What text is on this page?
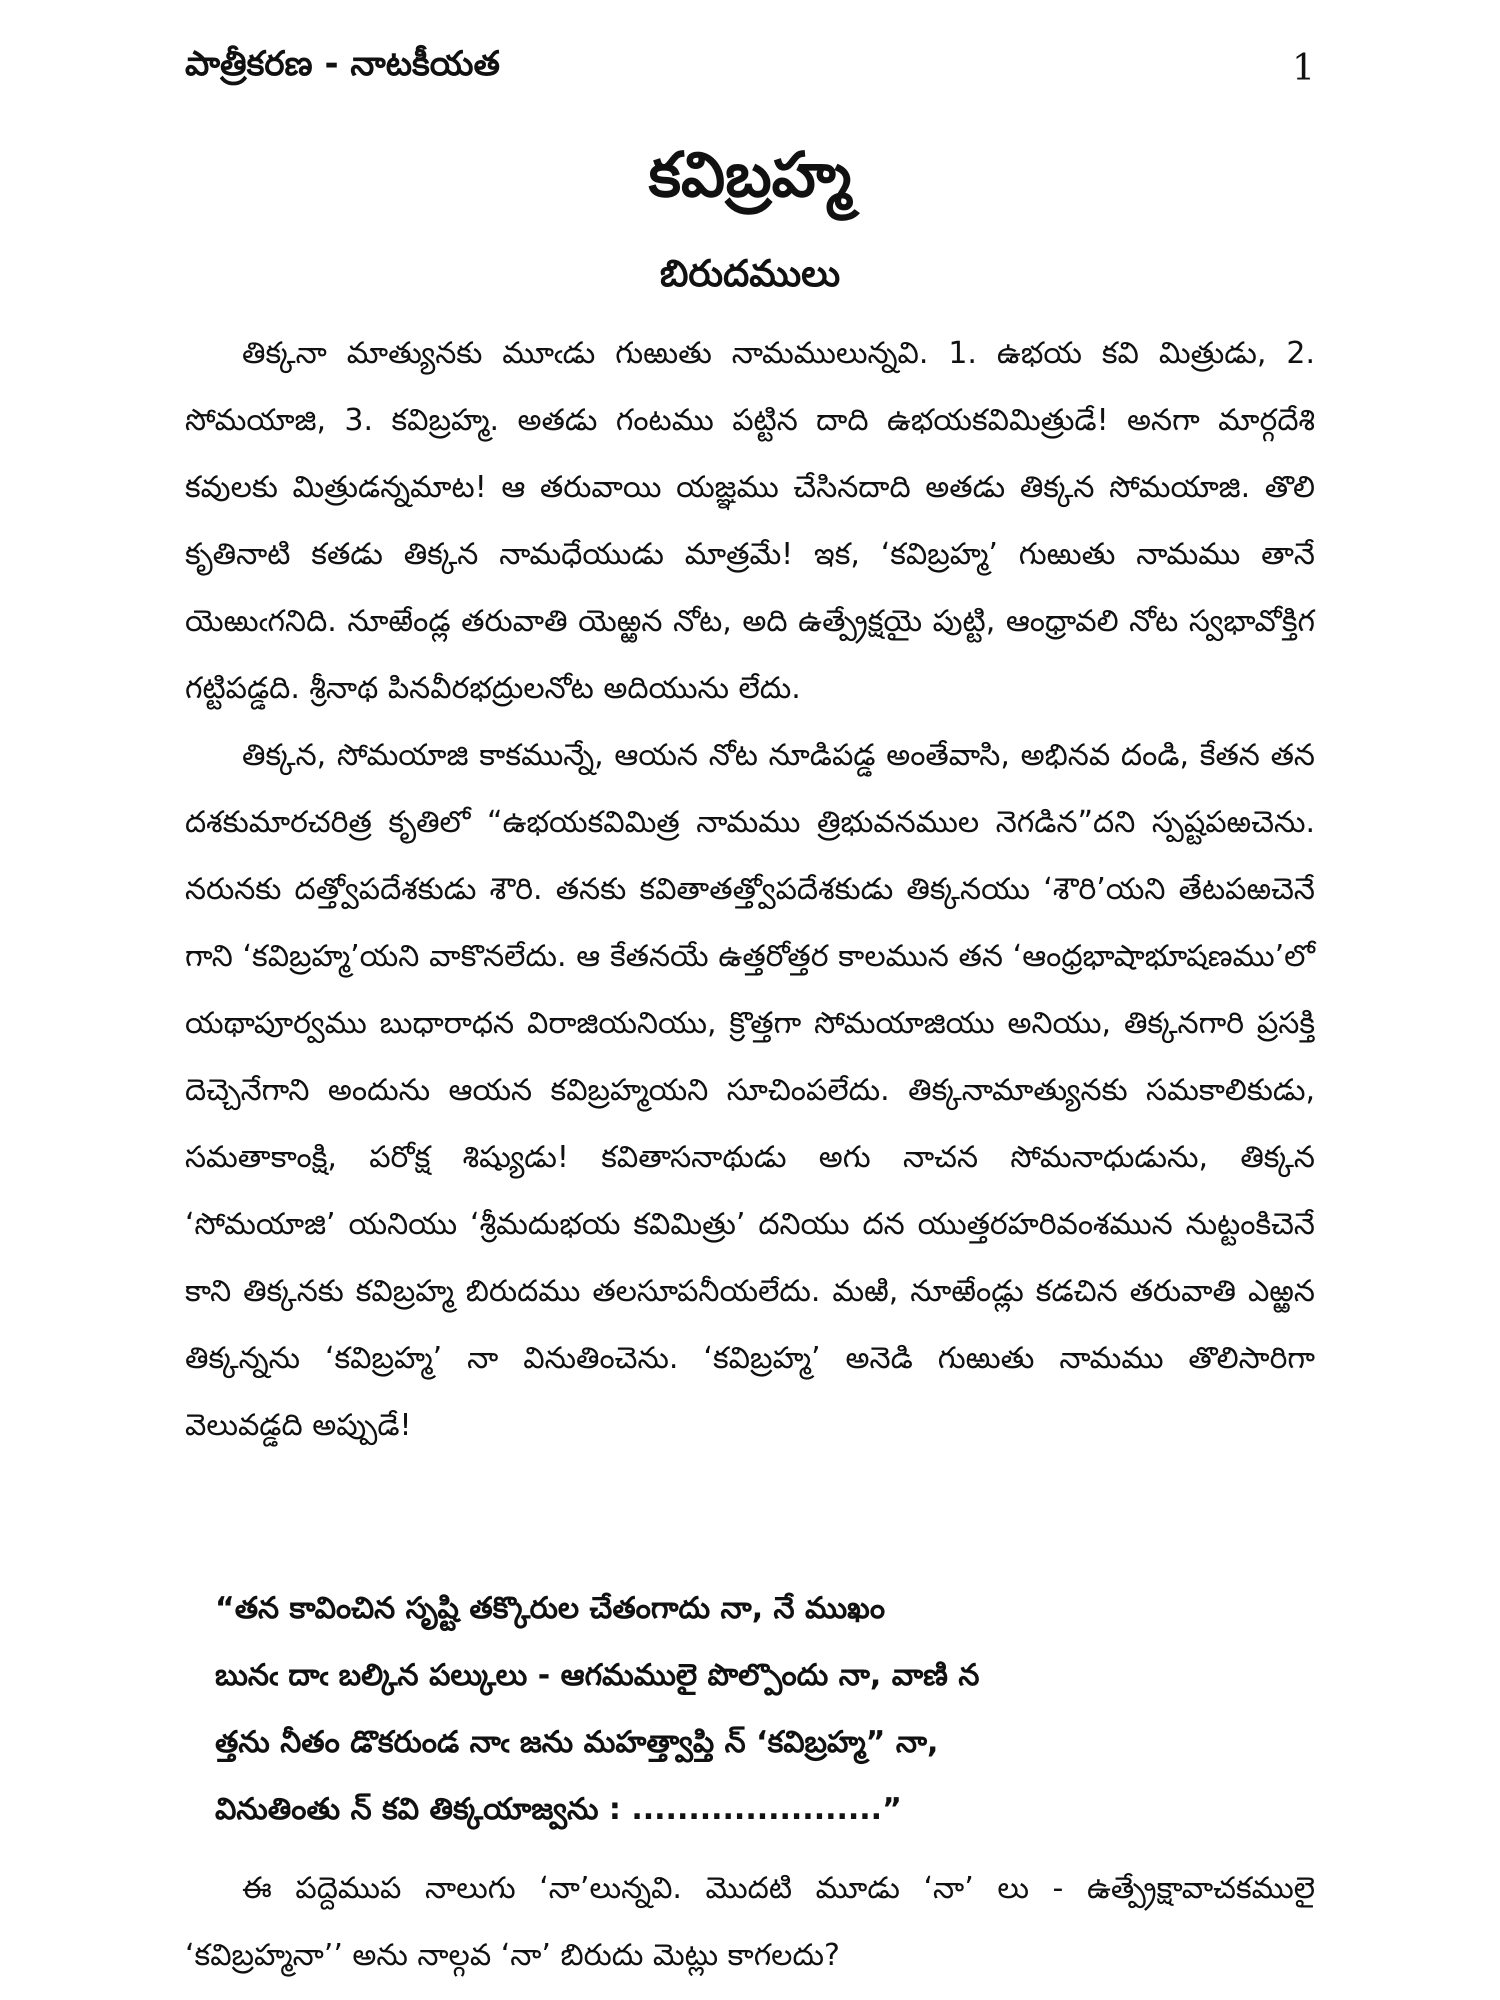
పాత్రీకరణ - నాటకీయత	1
కవిబ్రహ్మ
బిరుదములు

తిక్కనా మాత్యునకు మూఁడు గుఱుతు నామములున్నవి. 1. ఉభయ కవి మిత్రుడు, 2. సోమయాజి, 3. కవిబ్రహ్మ. అతడు గంటము పట్టిన దాది ఉభయకవిమిత్రుడే! అనగా మార్గదేశి కవులకు మిత్రుడన్నమాట! ఆ తరువాయి యజ్ఞము చేసినదాది అతడు తిక్కన సోమయాజి. తొలి కృతినాటి కతడు తిక్కన నామధేయుడు మాత్రమే! ఇక, ‘కవిబ్రహ్మ’ గుఱుతు నామము తానే యెఱుఁగనిది. నూఱేండ్ల తరువాతి యెఱ్ఱన నోట, అది ఉత్ప్రేక్షయై పుట్టి, ఆంధ్రావలి నోట స్వభావోక్తిగ గట్టిపడ్డది. శ్రీనాథ పినవీరభద్రులనోట అదియును లేదు.

తిక్కన, సోమయాజి కాకమున్నే, ఆయన నోట నూడిపడ్డ అంతేవాసి, అభినవ దండి, కేతన తన దశకుమారచరిత్ర కృతిలో “ఉభయకవిమిత్ర నామము త్రిభువనముల నెగడిన”దని స్పష్టపఱచెను. నరునకు దత్త్వోపదేశకుడు శౌరి. తనకు కవితాతత్త్వోపదేశకుడు తిక్కనయు ‘శౌరి’యని తేటపఱచెనే గాని ‘కవిబ్రహ్మ’యని వాకొనలేదు. ఆ కేతనయే ఉత్తరోత్తర కాలమున తన ‘ఆంధ్రభాషాభూషణము’లో యథాపూర్వము బుధారాధన విరాజియనియు, క్రొత్తగా సోమయాజియు అనియు, తిక్కనగారి ప్రసక్తి దెచ్చెనేగాని అందును ఆయన కవిబ్రహ్మయని సూచింపలేదు. తిక్కనామాత్యునకు సమకాలికుడు, సమతాకాంక్షి, పరోక్ష శిష్యుడు! కవితాసనాథుడు అగు నాచన సోమనాధుడును, తిక్కన ‘సోమయాజి’ యనియు ‘శ్రీమదుభయ కవిమిత్రు’ దనియు దన యుత్తరహరివంశమున నుట్టంకిచెనే కాని తిక్కనకు కవిబ్రహ్మ బిరుదము తలసూపనీయలేదు. మఱి, నూఱేండ్లు కడచిన తరువాతి ఎఱ్ఱన తిక్కన్నను ‘కవిబ్రహ్మ’ నా వినుతించెను. ‘కవిబ్రహ్మ’ అనెడి గుఱుతు నామము తొలిసారిగా వెలువడ్డది అప్పుడే!

“తన కావించిన సృష్టి తక్కొరుల చేతంగాదు నా, నే ముఖం
బునఁ దాఁ బల్కిన పల్కులు - ఆగమములై పొల్పొందు నా, వాణి న
త్తను నీతం డొకరుండ నాఁ జను మహత్త్వాప్తి న్ ‘కవిబ్రహ్మ” నా,
వినుతింతు న్ కవి తిక్కయాజ్వను : ......................”

ఈ పద్దెముప నాలుగు ‘నా’లున్నవి. మొదటి మూడు ‘నా’ లు - ఉత్ప్రేక్షావాచకములై ‘కవిబ్రహ్మనా’’ అను నాల్గవ ‘నా’ బిరుదు మెట్లు కాగలదు?
